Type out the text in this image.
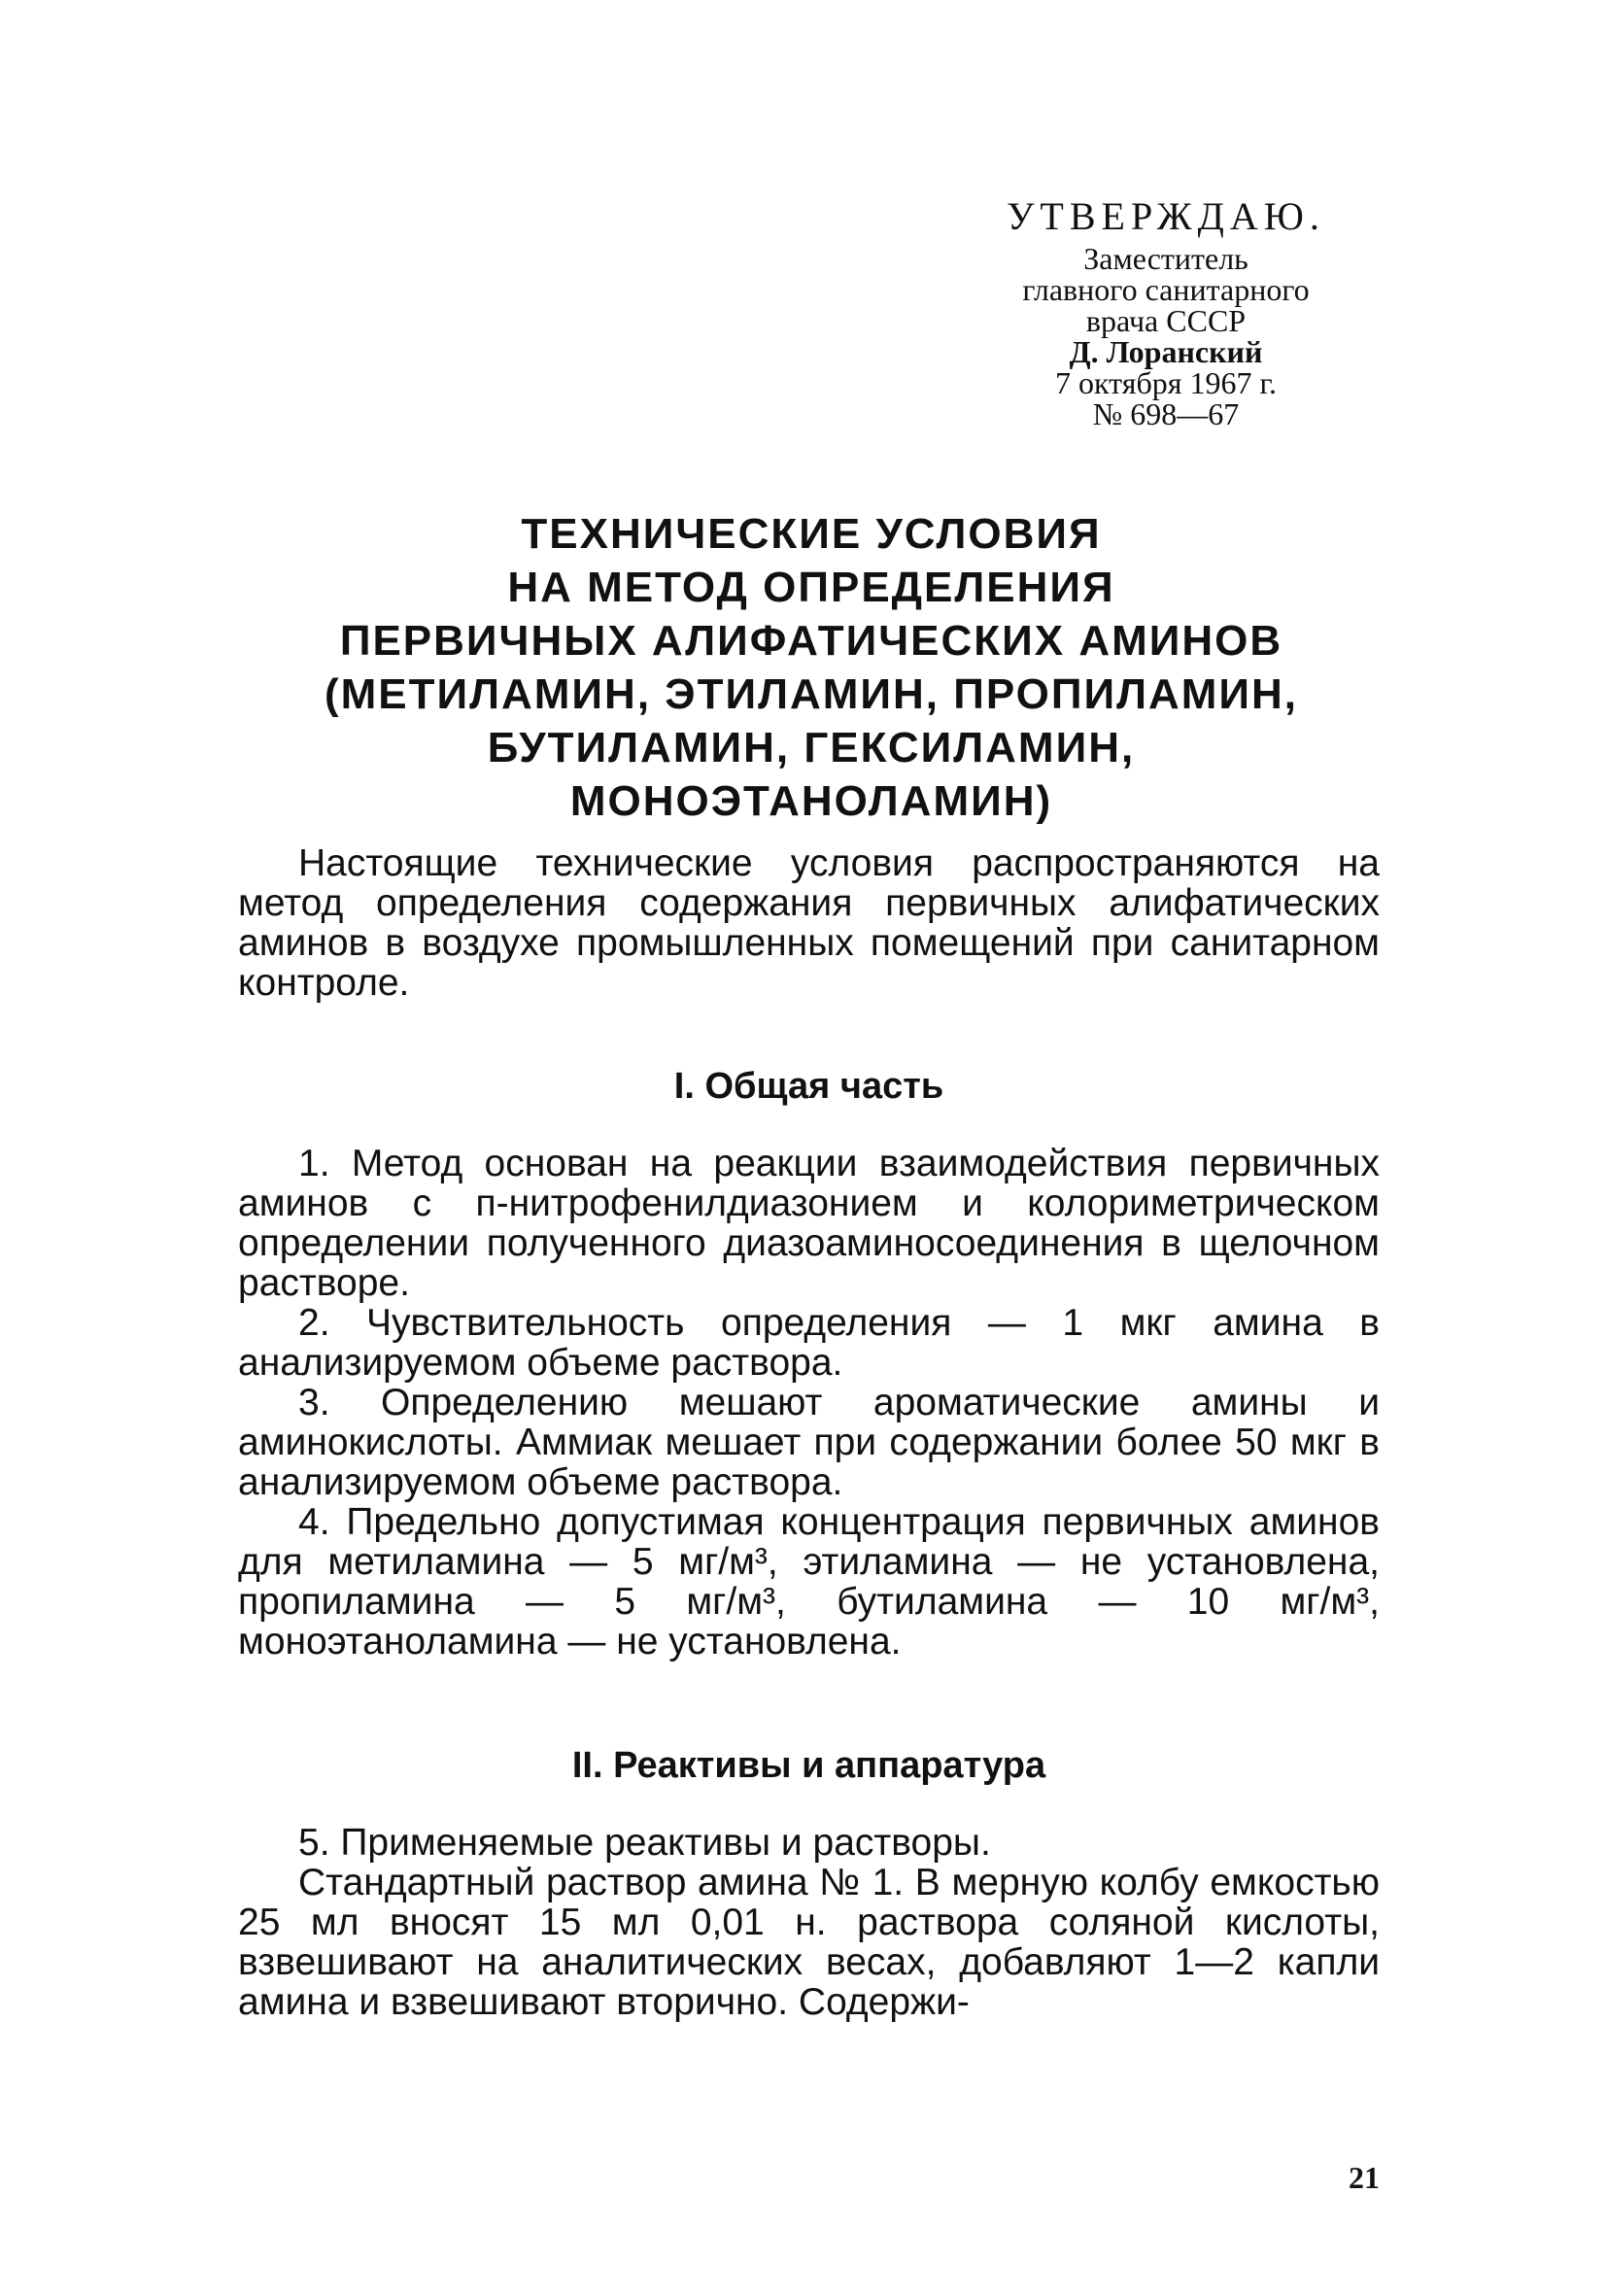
УТВЕРЖДАЮ.
Заместитель
главного санитарного
врача СССР
Д. Лоранский
7 октября 1967 г.
№ 698—67
ТЕХНИЧЕСКИЕ УСЛОВИЯ
НА МЕТОД ОПРЕДЕЛЕНИЯ
ПЕРВИЧНЫХ АЛИФАТИЧЕСКИХ АМИНОВ
(МЕТИЛАМИН, ЭТИЛАМИН, ПРОПИЛАМИН,
БУТИЛАМИН, ГЕКСИЛАМИН,
МОНОЭТАНОЛАМИН)

Настоящие технические условия распространяются на метод определения содержания первичных алифатических аминов в воздухе промышленных помещений при санитарном контроле.

I. Общая часть

1. Метод основан на реакции взаимодействия первичных аминов с п-нитрофенилдиазонием и колориметрическом определении полученного диазоаминосоединения в щелочном растворе.

2. Чувствительность определения — 1 мкг амина в анализируемом объеме раствора.

3. Определению мешают ароматические амины и аминокислоты. Аммиак мешает при содержании более 50 мкг в анализируемом объеме раствора.

4. Предельно допустимая концентрация первичных аминов для метиламина — 5 мг/м³, этиламина — не установлена, пропиламина — 5 мг/м³, бутиламина — 10 мг/м³, моноэтаноламина — не установлена.

II. Реактивы и аппаратура

5. Применяемые реактивы и растворы.

Стандартный раствор амина № 1. В мерную колбу емкостью 25 мл вносят 15 мл 0,01 н. раствора соляной кислоты, взвешивают на аналитических весах, добавляют 1—2 капли амина и взвешивают вторично. Содержи-

21
